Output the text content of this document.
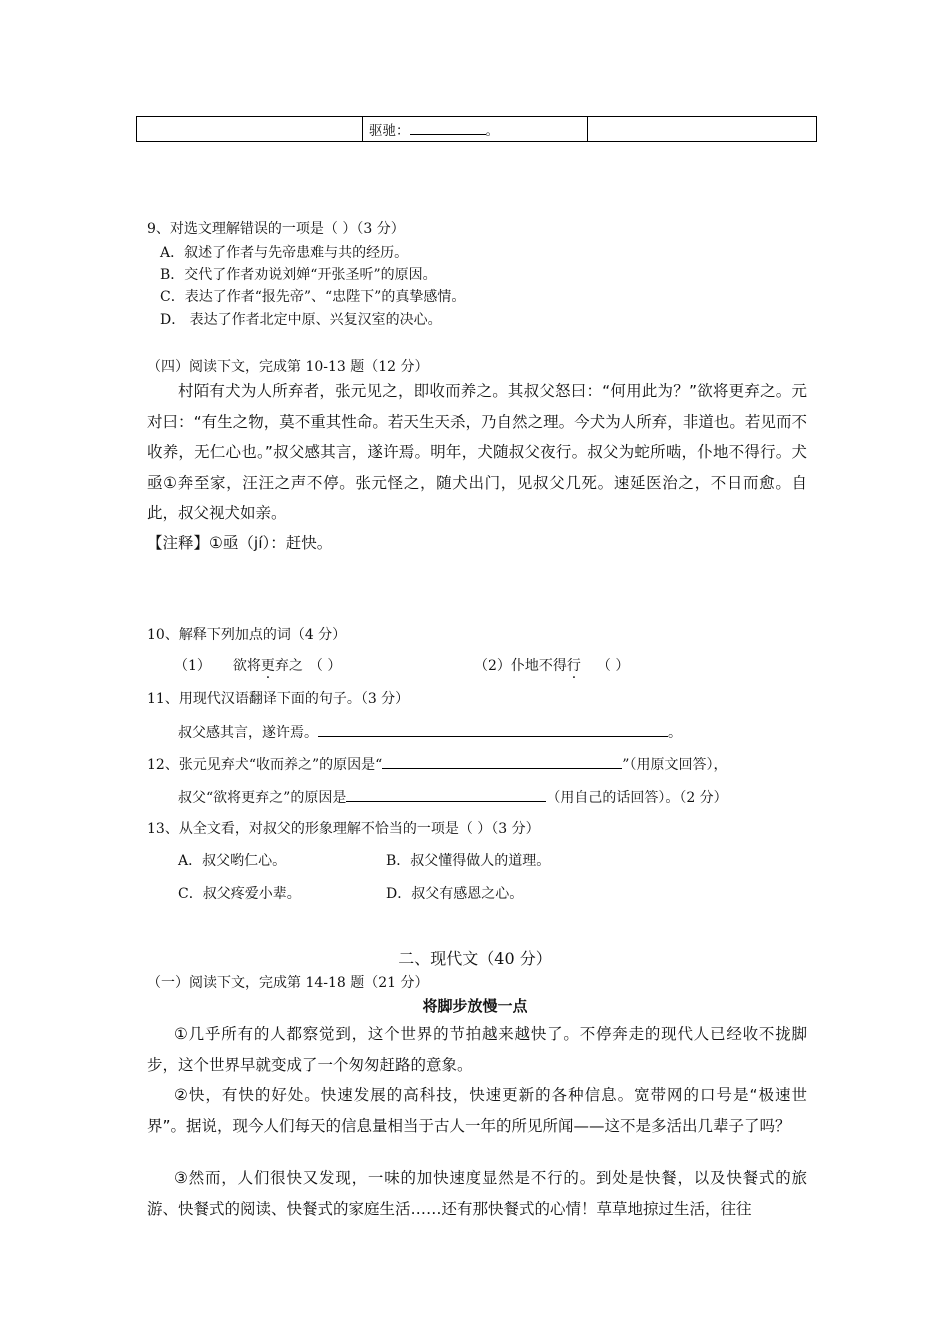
	驱驰：	。	
9、对选文理解错误的一项是（ ）（3 分）
A．叙述了作者与先帝患难与共的经历。
B．交代了作者劝说刘婵“开张圣听”的原因。
C．表达了作者“报先帝”、“忠陛下”的真挚感情。
D． 表达了作者北定中原、兴复汉室的决心。
（四）阅读下文，完成第 10-13 题（12 分）
村陌有犬为人所弃者，张元见之，即收而养之。其叔父怒曰：“何用此为？”欲将更弃之。元对曰：“有生之物，莫不重其性命。若天生天杀，乃自然之理。今犬为人所弃，非道也。若见而不收养，无仁心也。”叔父感其言，遂许焉。明年，犬随叔父夜行。叔父为蛇所啮，仆地不得行。犬亟①奔至家，汪汪之声不停。张元怪之，随犬出门，见叔父几死。速延医治之，不日而愈。自此，叔父视犬如亲。
【注释】①亟（jí）：赶快。
10、解释下列加点的词（4 分）
（1） 欲将更弃之 （ ）	（2）仆地不得行 （ ）
11、用现代汉语翻译下面的句子。（3 分）
叔父感其言，遂许焉。	。
12、张元见弃犬“收而养之”的原因是“	”（用原文回答），
叔父“欲将更弃之”的原因是	（用自己的话回答）。（2 分）
13、从全文看，对叔父的形象理解不恰当的一项是（ ）（3 分）
A．叔父哟仁心。	B．叔父懂得做人的道理。
C．叔父疼爱小辈。	D．叔父有感恩之心。
二、现代文（40 分）
（一）阅读下文，完成第 14-18 题（21 分）
将脚步放慢一点
①几乎所有的人都察觉到，这个世界的节拍越来越快了。不停奔走的现代人已经收不拢脚步，这个世界早就变成了一个匆匆赶路的意象。
②快，有快的好处。快速发展的高科技，快速更新的各种信息。宽带网的口号是“极速世界”。据说，现今人们每天的信息量相当于古人一年的所见所闻——这不是多活出几辈子了吗？
③然而，人们很快又发现，一味的加快速度显然是不行的。到处是快餐，以及快餐式的旅游、快餐式的阅读、快餐式的家庭生活……还有那快餐式的心情！草草地掠过生活，往往
